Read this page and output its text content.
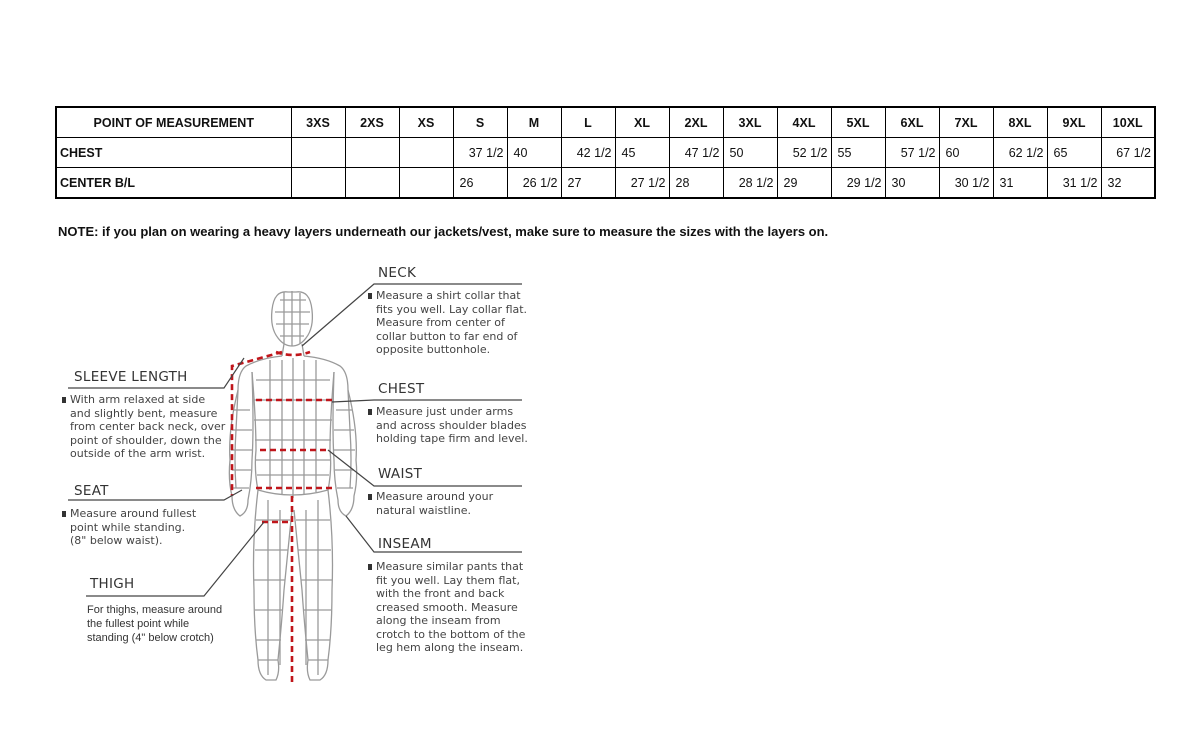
POINT OF MEASUREMENT	3XS	2XS	XS	S	M	L	XL	2XL	3XL	4XL	5XL	6XL	7XL	8XL	9XL	10XL
CHEST				37 1/2	40	42 1/2	45	47 1/2	50	52 1/2	55	57 1/2	60	62 1/2	65	67 1/2
CENTER B/L				26	26 1/2	27	27 1/2	28	28 1/2	29	29 1/2	30	30 1/2	31	31 1/2	32
NOTE: if you plan on wearing a heavy layers underneath our jackets/vest, make sure to measure the sizes with the layers on.
NECK
Measure a shirt collar that
fits you well. Lay collar flat.
Measure from center of
collar button to far end of
opposite buttonhole.
CHEST
Measure just under arms
and across shoulder blades
holding tape firm and level.
WAIST
Measure around your
natural waistline.
INSEAM
Measure similar pants that
fit you well. Lay them flat,
with the front and back
creased smooth. Measure
along the inseam from
crotch to the bottom of the
leg hem along the inseam.
SLEEVE LENGTH
With arm relaxed at side
and slightly bent, measure
from center back neck, over
point of shoulder, down the
outside of the arm wrist.
SEAT
Measure around fullest
point while standing.
(8" below waist).
THIGH
For thighs, measure around
the fullest point while
standing (4" below crotch)
